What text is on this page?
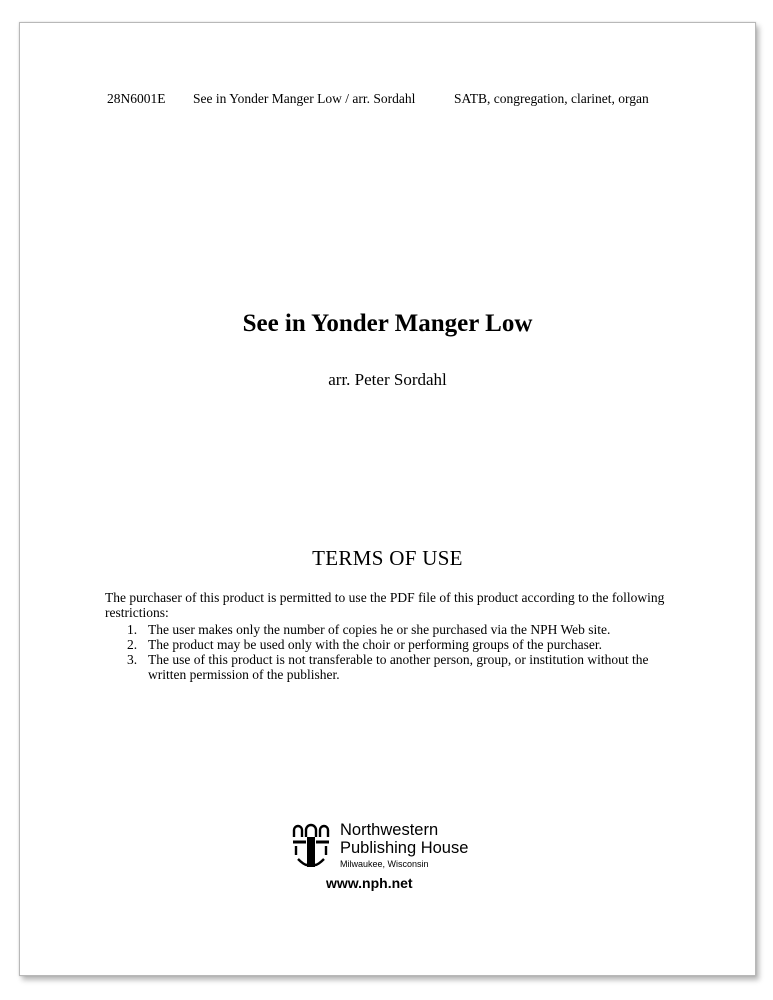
28N6001E See in Yonder Manger Low / arr. Sordahl	SATB, congregation, clarinet, organ
See in Yonder Manger Low
arr. Peter Sordahl
TERMS OF USE
The purchaser of this product is permitted to use the PDF file of this product according to the following restrictions:
1. The user makes only the number of copies he or she purchased via the NPH Web site.
2. The product may be used only with the choir or performing groups of the purchaser.
3. The use of this product is not transferable to another person, group, or institution without the written permission of the publisher.
Northwestern
Publishing House
Milwaukee, Wisconsin
www.nph.net
